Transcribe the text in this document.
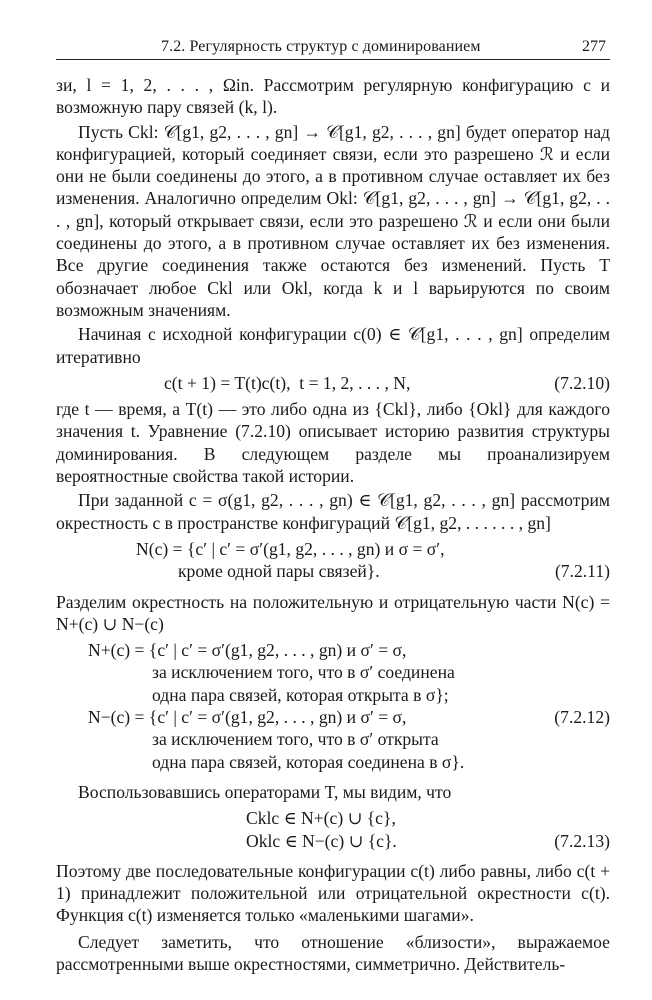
7.2. Регулярность структур с доминированием	277

зи, l = 1, 2, . . . , Ωin. Рассмотрим регулярную конфигурацию c и возможную пару связей (k, l).

Пусть Ckl: 𝒞[g1, g2, . . . , gn] → 𝒞[g1, g2, . . . , gn] будет оператор над конфигурацией, который соединяет связи, если это разрешено ℛ и если они не были соединены до этого, а в противном случае оставляет их без изменения. Аналогично определим Okl: 𝒞[g1, g2, . . . , gn] → 𝒞[g1, g2, . . . , gn], который открывает связи, если это разрешено ℛ и если они были соединены до этого, а в противном случае оставляет их без изменения. Все другие соединения также остаются без изменений. Пусть T обозначает любое Ckl или Okl, когда k и l варьируются по своим возможным значениям.

Начиная с исходной конфигурации c(0) ∈ 𝒞[g1, . . . , gn] определим итеративно

c(t + 1) = T(t)c(t),  t = 1, 2, . . . , N,	(7.2.10)

где t — время, а T(t) — это либо одна из {Ckl}, либо {Okl} для каждого значения t. Уравнение (7.2.10) описывает историю развития структуры доминирования. В следующем разделе мы проанализируем вероятностные свойства такой истории.

При заданной c = σ(g1, g2, . . . , gn) ∈ 𝒞[g1, g2, . . . , gn] рассмотрим окрестность c в пространстве конфигураций 𝒞[g1, g2, . . . . . . , gn]

N(c) = {c′ | c′ = σ′(g1, g2, . . . , gn) и σ = σ′,
кроме одной пары связей}.	(7.2.11)

Разделим окрестность на положительную и отрицательную части N(c) = N+(c) ∪ N−(c)

N+(c) = {c′ | c′ = σ′(g1, g2, . . . , gn) и σ′ = σ,
за исключением того, что в σ′ соединена
одна пара связей, которая открыта в σ};
N−(c) = {c′ | c′ = σ′(g1, g2, . . . , gn) и σ′ = σ,	(7.2.12)
за исключением того, что в σ′ открыта
одна пара связей, которая соединена в σ}.

Воспользовавшись операторами T, мы видим, что

Cklc ∈ N+(c) ∪ {c},
Oklc ∈ N−(c) ∪ {c}.	(7.2.13)

Поэтому две последовательные конфигурации c(t) либо равны, либо c(t + 1) принадлежит положительной или отрицательной окрестности c(t). Функция c(t) изменяется только «маленькими шагами».

Следует заметить, что отношение «близости», выражаемое рассмотренными выше окрестностями, симметрично. Действитель-
